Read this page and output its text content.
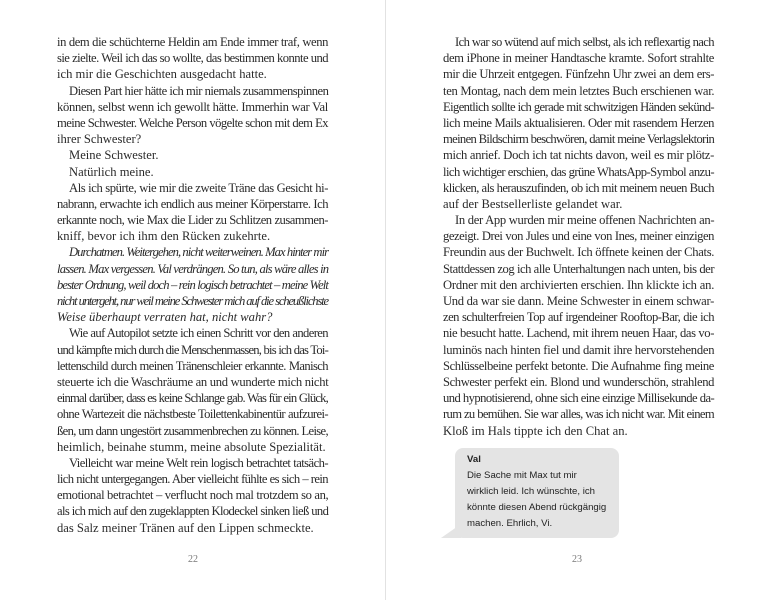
in dem die schüchterne Heldin am Ende immer traf, wenn
sie zielte. Weil ich das so wollte, das bestimmen konnte und
ich mir die Geschichten ausgedacht hatte.
Diesen Part hier hätte ich mir niemals zusammenspinnen
können, selbst wenn ich gewollt hätte. Immerhin war Val
meine Schwester. Welche Person vögelte schon mit dem Ex
ihrer Schwester?
Meine Schwester.
Natürlich meine.
Als ich spürte, wie mir die zweite Träne das Gesicht hi-
nabrann, erwachte ich endlich aus meiner Körperstarre. Ich
erkannte noch, wie Max die Lider zu Schlitzen zusammen-
kniff, bevor ich ihm den Rücken zukehrte.
Durchatmen. Weitergehen, nicht weiterweinen. Max hinter mir
lassen. Max vergessen. Val verdrängen. So tun, als wäre alles in
bester Ordnung, weil doch – rein logisch betrachtet – meine Welt
nicht untergeht, nur weil meine Schwester mich auf die scheußlichste
Weise überhaupt verraten hat, nicht wahr?
Wie auf Autopilot setzte ich einen Schritt vor den anderen
und kämpfte mich durch die Menschenmassen, bis ich das Toi-
lettenschild durch meinen Tränenschleier erkannte. Manisch
steuerte ich die Waschräume an und wunderte mich nicht
einmal darüber, dass es keine Schlange gab. Was für ein Glück,
ohne Wartezeit die nächstbeste Toilettenkabinentür aufzurei-
ßen, um dann ungestört zusammenbrechen zu können. Leise,
heimlich, beinahe stumm, meine absolute Spezialität.
Vielleicht war meine Welt rein logisch betrachtet tatsäch-
lich nicht untergegangen. Aber vielleicht fühlte es sich – rein
emotional betrachtet – verflucht noch mal trotzdem so an,
als ich mich auf den zugeklappten Klodeckel sinken ließ und
das Salz meiner Tränen auf den Lippen schmeckte.
22
Ich war so wütend auf mich selbst, als ich reflexartig nach
dem iPhone in meiner Handtasche kramte. Sofort strahlte
mir die Uhrzeit entgegen. Fünfzehn Uhr zwei an dem ers-
ten Montag, nach dem mein letztes Buch erschienen war.
Eigentlich sollte ich gerade mit schwitzigen Händen sekünd-
lich meine Mails aktualisieren. Oder mit rasendem Herzen
meinen Bildschirm beschwören, damit meine Verlagslektorin
mich anrief. Doch ich tat nichts davon, weil es mir plötz-
lich wichtiger erschien, das grüne WhatsApp-Symbol anzu-
klicken, als herauszufinden, ob ich mit meinem neuen Buch
auf der Bestsellerliste gelandet war.
In der App wurden mir meine offenen Nachrichten an-
gezeigt. Drei von Jules und eine von Ines, meiner einzigen
Freundin aus der Buchwelt. Ich öffnete keinen der Chats.
Stattdessen zog ich alle Unterhaltungen nach unten, bis der
Ordner mit den archivierten erschien. Ihn klickte ich an.
Und da war sie dann. Meine Schwester in einem schwar-
zen schulterfreien Top auf irgendeiner Rooftop-Bar, die ich
nie besucht hatte. Lachend, mit ihrem neuen Haar, das vo-
luminös nach hinten fiel und damit ihre hervorstehenden
Schlüsselbeine perfekt betonte. Die Aufnahme fing meine
Schwester perfekt ein. Blond und wunderschön, strahlend
und hypnotisierend, ohne sich eine einzige Millisekunde da-
rum zu bemühen. Sie war alles, was ich nicht war. Mit einem
Kloß im Hals tippte ich den Chat an.
Val
Die Sache mit Max tut mir
wirklich leid. Ich wünschte, ich
könnte diesen Abend rückgängig
machen. Ehrlich, Vi.
23
